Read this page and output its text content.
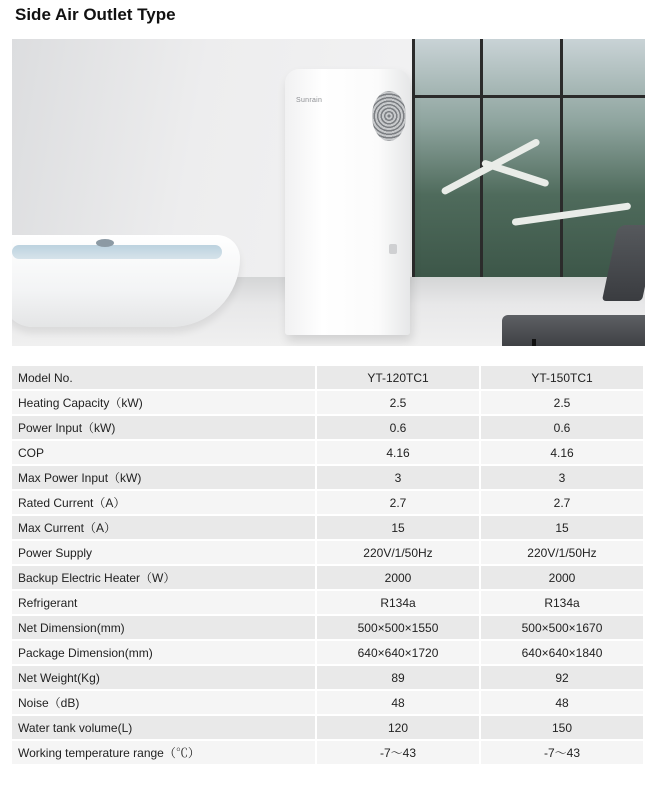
Side Air Outlet Type
Sunrain
Model No.	YT-120TC1	YT-150TC1
Heating Capacity（kW)	2.5	2.5
Power Input（kW)	0.6	0.6
COP	4.16	4.16
Max Power Input（kW)	3	3
Rated Current（A）	2.7	2.7
Max Current（A）	15	15
Power Supply	220V/1/50Hz	220V/1/50Hz
Backup Electric Heater（W）	2000	2000
Refrigerant	R134a	R134a
Net Dimension(mm)	500×500×1550	500×500×1670
Package Dimension(mm)	640×640×1720	640×640×1840
Net Weight(Kg)	89	92
Noise（dB)	48	48
Water tank volume(L)	120	150
Working temperature range（℃）	-7～43	-7～43
